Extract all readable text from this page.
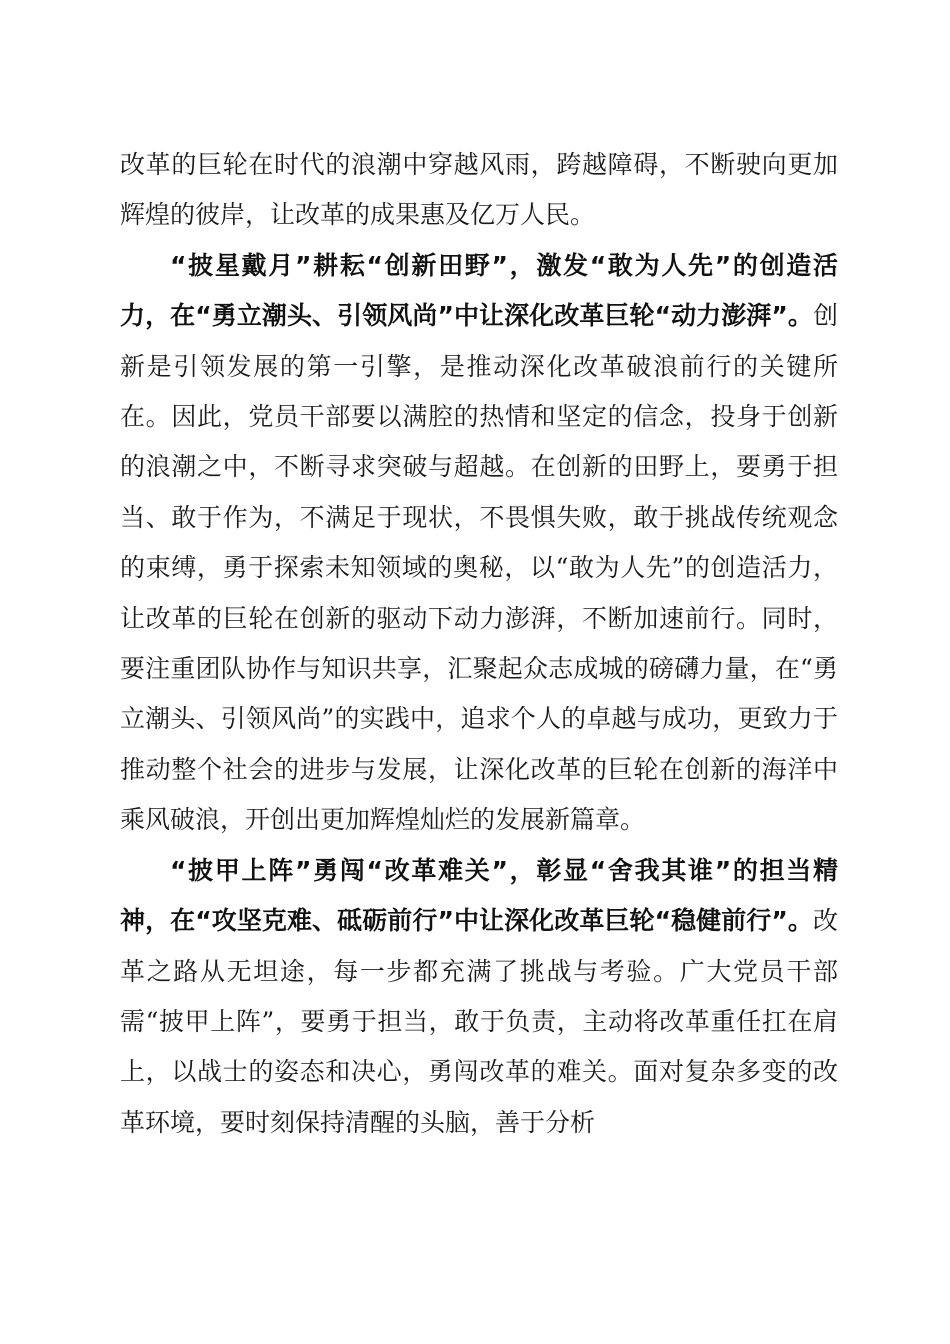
改革的巨轮在时代的浪潮中穿越风雨，跨越障碍，不断驶向更加辉煌的彼岸，让改革的成果惠及亿万人民。

“披星戴月”耕耘“创新田野”，激发“敢为人先”的创造活力，在“勇立潮头、引领风尚”中让深化改革巨轮“动力澎湃”。创新是引领发展的第一引擎，是推动深化改革破浪前行的关键所在。因此，党员干部要以满腔的热情和坚定的信念，投身于创新的浪潮之中，不断寻求突破与超越。在创新的田野上，要勇于担当、敢于作为，不满足于现状，不畏惧失败，敢于挑战传统观念的束缚，勇于探索未知领域的奥秘，以“敢为人先”的创造活力，让改革的巨轮在创新的驱动下动力澎湃，不断加速前行。同时，要注重团队协作与知识共享，汇聚起众志成城的磅礴力量，在“勇立潮头、引领风尚”的实践中，追求个人的卓越与成功，更致力于推动整个社会的进步与发展，让深化改革的巨轮在创新的海洋中乘风破浪，开创出更加辉煌灿烂的发展新篇章。

“披甲上阵”勇闯“改革难关”，彰显“舍我其谁”的担当精神，在“攻坚克难、砥砺前行”中让深化改革巨轮“稳健前行”。改革之路从无坦途，每一步都充满了挑战与考验。广大党员干部需“披甲上阵”，要勇于担当，敢于负责，主动将改革重任扛在肩上，以战士的姿态和决心，勇闯改革的难关。面对复杂多变的改革环境，要时刻保持清醒的头脑，善于分析
